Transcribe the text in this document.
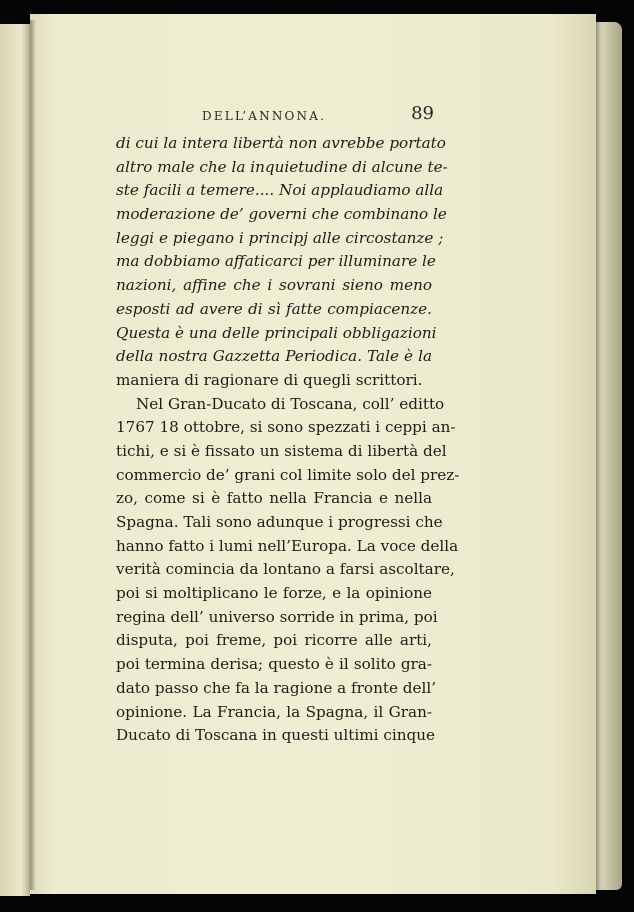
DELL’ANNONA.	89
di cui la intera libertà non avrebbe portato
altro male che la inquietudine di alcune te-
ste facili a temere.... Noi applaudiamo alla
moderazione de’ governi che combinano le
leggi e piegano i principj alle circostanze ;
ma dobbiamo affaticarci per illuminare le
nazioni, affine che i sovrani sieno meno
esposti ad avere di sì fatte compiacenze.
Questa è una delle principali obbligazioni
della nostra Gazzetta Periodica. Tale è la
maniera di ragionare di quegli scrittori.
Nel Gran-Ducato di Toscana, coll’ editto
1767 18 ottobre, si sono spezzati i ceppi an-
tichi, e si è fissato un sistema di libertà del
commercio de’ grani col limite solo del prez-
zo, come si è fatto nella Francia e nella
Spagna. Tali sono adunque i progressi che
hanno fatto i lumi nell’Europa. La voce della
verità comincia da lontano a farsi ascoltare,
poi si moltiplicano le forze, e la opinione
regina dell’ universo sorride in prima, poi
disputa, poi freme, poi ricorre alle arti,
poi termina derisa; questo è il solito gra-
dato passo che fa la ragione a fronte dell’
opinione. La Francia, la Spagna, il Gran-
Ducato di Toscana in questi ultimi cinque
